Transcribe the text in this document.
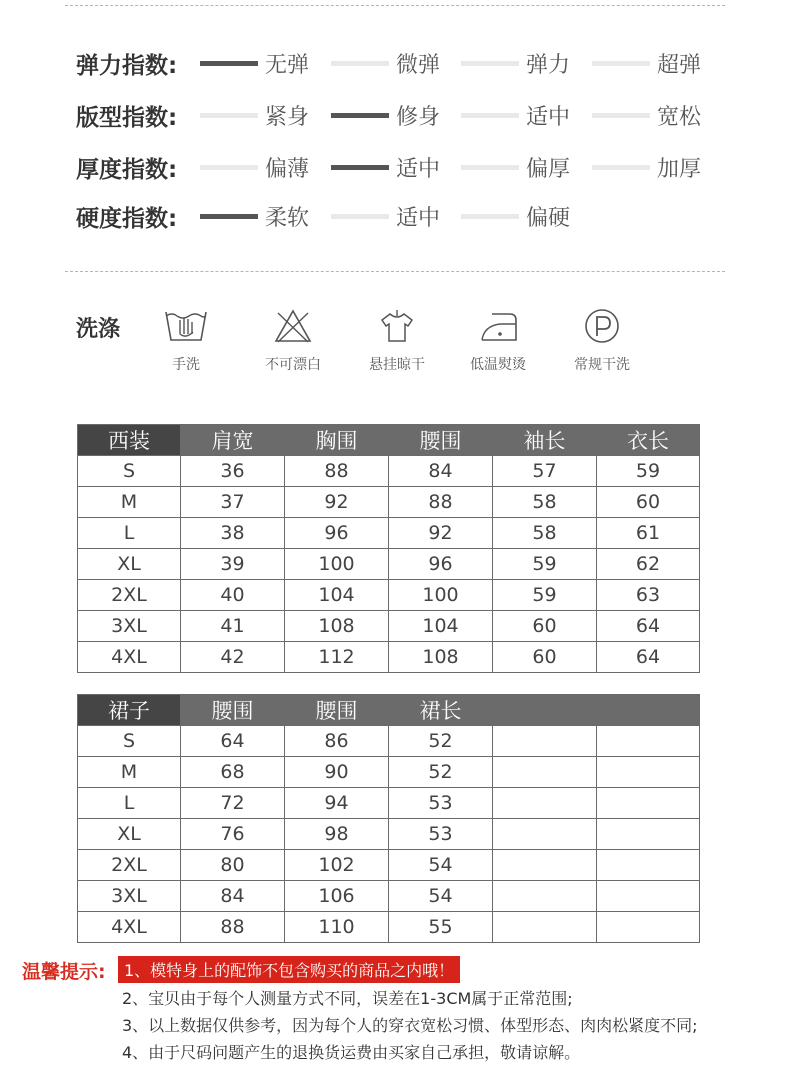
弹力指数:	无弹	微弹	弹力	超弹
版型指数:	紧身	修身	适中	宽松
厚度指数:	偏薄	适中	偏厚	加厚
硬度指数:	柔软	适中	偏硬
洗涤
手洗	不可漂白	悬挂晾干	低温熨烫	常规干洗
西装	肩宽	胸围	腰围	袖长	衣长
S	36	88	84	57	59
M	37	92	88	58	60
L	38	96	92	58	61
XL	39	100	96	59	62
2XL	40	104	100	59	63
3XL	41	108	104	60	64
4XL	42	112	108	60	64
裙子	腰围	腰围	裙长		
S	64	86	52		
M	68	90	52		
L	72	94	53		
XL	76	98	53		
2XL	80	102	54		
3XL	84	106	54		
4XL	88	110	55		
温馨提示:	1、模特身上的配饰不包含购买的商品之内哦！
2、宝贝由于每个人测量方式不同，误差在1-3CM属于正常范围;
3、以上数据仅供参考，因为每个人的穿衣宽松习惯、体型形态、肉肉松紧度不同;
4、由于尺码问题产生的退换货运费由买家自己承担，敬请谅解。
